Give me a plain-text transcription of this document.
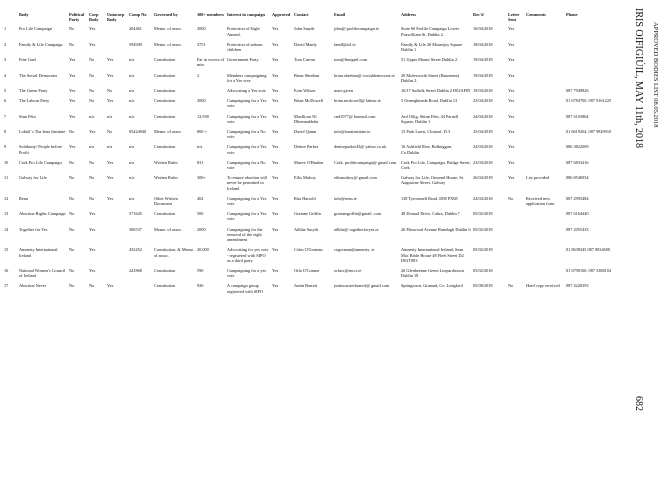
	Body	Political Party	Corp Body	Unincorp Body	Comp No	Governed by	300+ members	Interest in campaign	Approved	Contact	Email	Address	Rec'd	Letter Sent	Comments	Phone
1	Pro Life Campaign	No	Yes		204461	Memo. of assoc.	3000	Protection of Eight Amend.	Yes	John Smyth	john@ prolifecampaign.ie	Suite 60 Prolife Campaign Lower Fitzwilliam St. Dublin 2.	16/04/2018	Yes		
2	Family & Life Campaign	No	Yes		594949	Memo. of assoc.	3751	Protection of unborn children	Yes	David Manly	fandl@iol.ie	Family & Life 26 Mountjoy Square Dublin 1	18/04/2018	Yes		
3	Fine Gael	Yes	No	Yes	n/a	Constitution	Far in excess of min.	Government Party	Yes	Tom Curran	tom@finegael.com	51 Upper Mount Street Dublin 2.	19/04/2018	Yes		
4	The Social Democrats	Yes	No	Yes	n/a	Constitution	2	Members campaigning for a Yes vote	Yes	Brian Sheehan	brian.sheehan@ socialdemocrats.ie	20 Molesworth Street (Basement) Dublin 2.	19/04/2018	Yes		
5	The Green Party	Yes	No	No	n/a	Constitution		Advocating a Yes vote	Yes	Eoin Wilson	none given	16/17 Suffolk Street Dublin 2 D02AF85	19/04/2018	Yes		087 7949826
6	The Labour Party	Yes	No	Yes	n/a	Constitution	3000	Campaigning for a Yes vote	Yes	Brian McDowell	brian.mcdowell@ labour.ie	5 Ormeghmede Road, Dublin 13	23/04/2018	Yes		01 6784700, 087 9161225
7	Sinn Féin	Yes	n/a	n/a	n/a	Constitution	12,938	Campaigning for a Yes vote	Yes	Maolliosa Ní Dhomnabháin	cnd1977@ hotmail.com	Ard Oilig, Shinn Féin, 44 Parnell Square, Dublin 1	24/04/2018	Yes		087 6103864
8	Lobáil 's Tha Iona Institute	No	Yes	No	05424940	Memo. of assoc.	800 +	Campaigning for a No vote	Yes	David Quinn	info@ionainstitute.ie	15 Park Lawn, Clontarf, D.3	25/04/2018	Yes		01 6619204, 087 9829910
9	Solidarity/ People before Profit	Yes	n/a	n/a	n/a	Constitution	n/a	Campaigning for a Yes vote	Yes	Denise Parker	deniseparker43@ yahoo.co.uk	16 Ashfield Rise, Balbriggan, Co.Dublin	24/04/2018	Yes		086 3822009
10	Cork Pro Life Campaign	No	No	Yes	n/a	Written Rules	831	Campaigning for a No vote	Yes	Maeve O'Hanlon	Cork. prolifecampaign@ gmail.com	Cork Pro Life, Campaign, Bridge Street, Cork	23/04/2018	Yes		087 6833416
11	Galway for Life	No	No	Yes	n/a	Written Rules	300+	To ensure abortion will never be permitted in Ireland	Yes	Eilis Mulroy	eilismulroy@ gmail.com	Galway for Life, Ormond House, St. Augustine Street, Galway	26/04/2018	Yes	List provided	086 8546934
12	Renu	No	No	Yes	n/a	Other Written Document	402	Campaigning for a Yes vote	Yes	Rita Harrold	info@renu.ie	138 Tyrconnell Road, D08 PX68	24/04/2018	No	Received new application form	087 2995484
13	Abortion Rights Campaign	No	Yes		571645	Constitution	500	Campaigning for a Yes vote	Yes	Grainne Griffin	grainnegriffin@gmail. com	48 Donard Drive, Cabra, Dublin 7	05/02/2018			087 6164440
14	Together for Yes	No	Yes		306537	Memo. of assoc.	2000	Campaigning for the removal of the eight amendment	Yes	Ailbhe Smyth	ailbhe@ togetherforyes.ie	26 Elmwood Avenue Ranelagh Dublin 6	05/02/2018			087 2055433
15	Amnesty International Ireland	No	Yes		432452	Constitution, & Memo. of assoc.	20,000	Advocating for yes vote - registered with SIPO as a third party	Yes	Colm O'Gorman	cogorman@amnesty. ie	Amnesty International Ireland, Sean Mac Bride House 48 Fleet Street D2 D02T883	05/02/2018			01 8638345 087 9834690
16	National Women's Council of Ireland	No	Yes		241868	Constitution	590	Campaigning for a yes vote	Yes	Orla O'Connor	orlaoc@nwci.ie	26 Glenbeenne Green Leopardstown Dublin 18	05/02/2018			01 6790100, 087 3388104
17	Abortion Never	No	No	Yes		Constitution	926	A campaign group registered with SIPO	Yes	Justin Barrett	justincarrierbarrett@ gmail.com	Springtown, Granard, Co. Longford	05/08/2018	No	Hard copy received	087 4220393
IRIS OIFIGIÚIL, MAY 11th, 2018
682
APPROVED BODIES LIST 08.05.2018
